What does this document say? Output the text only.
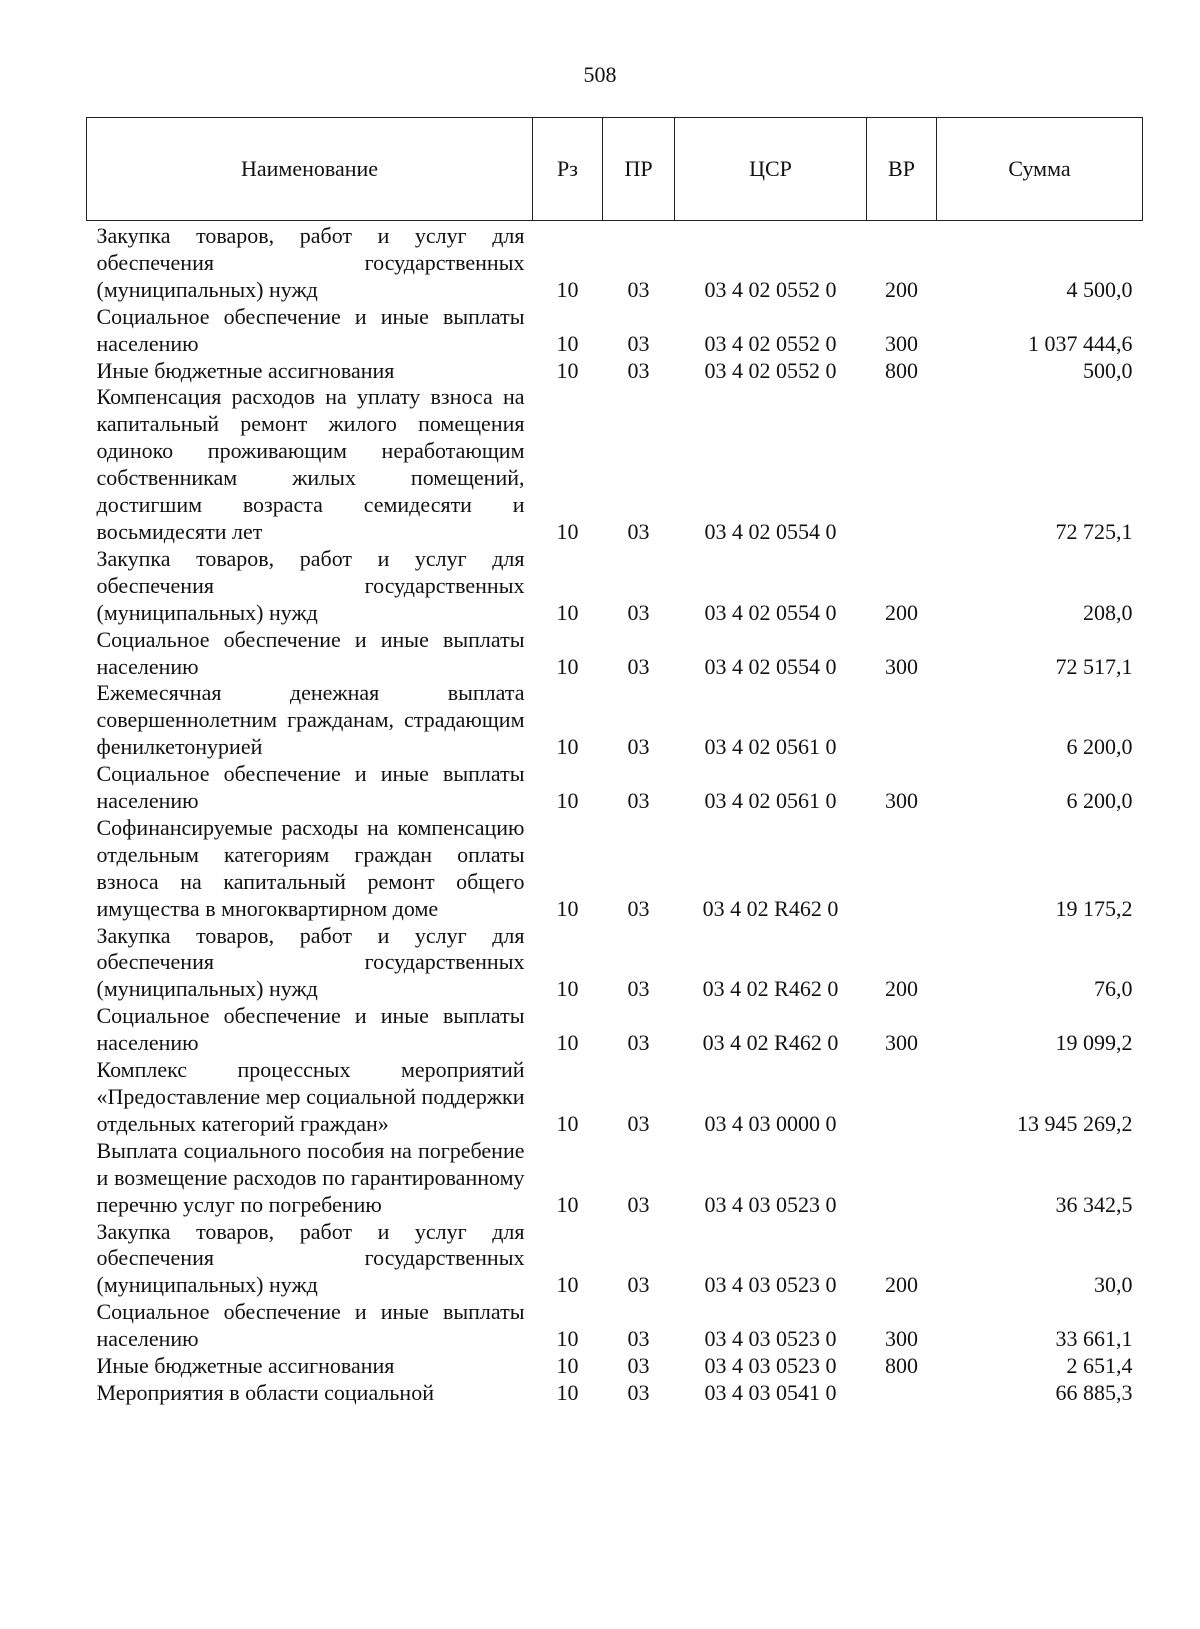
508
Наименование	Рз	ПР	ЦСР	ВР	Сумма
Закупка товаров, работ и услуг для обеспечения государственных (муниципальных) нужд	10	03	03 4 02 0552 0	200	4 500,0
Социальное обеспечение и иные выплаты населению	10	03	03 4 02 0552 0	300	1 037 444,6
Иные бюджетные ассигнования	10	03	03 4 02 0552 0	800	500,0
Компенсация расходов на уплату взноса на капитальный ремонт жилого помещения одиноко проживающим неработающим собственникам жилых помещений, достигшим возраста семидесяти и восьмидесяти лет	10	03	03 4 02 0554 0		72 725,1
Закупка товаров, работ и услуг для обеспечения государственных (муниципальных) нужд	10	03	03 4 02 0554 0	200	208,0
Социальное обеспечение и иные выплаты населению	10	03	03 4 02 0554 0	300	72 517,1
Ежемесячная денежная выплата совершеннолетним гражданам, страдающим фенилкетонурией	10	03	03 4 02 0561 0		6 200,0
Социальное обеспечение и иные выплаты населению	10	03	03 4 02 0561 0	300	6 200,0
Софинансируемые расходы на компенсацию отдельным категориям граждан оплаты взноса на капитальный ремонт общего имущества в многоквартирном доме	10	03	03 4 02 R462 0		19 175,2
Закупка товаров, работ и услуг для обеспечения государственных (муниципальных) нужд	10	03	03 4 02 R462 0	200	76,0
Социальное обеспечение и иные выплаты населению	10	03	03 4 02 R462 0	300	19 099,2
Комплекс процессных мероприятий «Предоставление мер социальной поддержки отдельных категорий граждан»	10	03	03 4 03 0000 0		13 945 269,2
Выплата социального пособия на погребение и возмещение расходов по гарантированному перечню услуг по погребению	10	03	03 4 03 0523 0		36 342,5
Закупка товаров, работ и услуг для обеспечения государственных (муниципальных) нужд	10	03	03 4 03 0523 0	200	30,0
Социальное обеспечение и иные выплаты населению	10	03	03 4 03 0523 0	300	33 661,1
Иные бюджетные ассигнования	10	03	03 4 03 0523 0	800	2 651,4
Мероприятия в области социальной	10	03	03 4 03 0541 0		66 885,3
